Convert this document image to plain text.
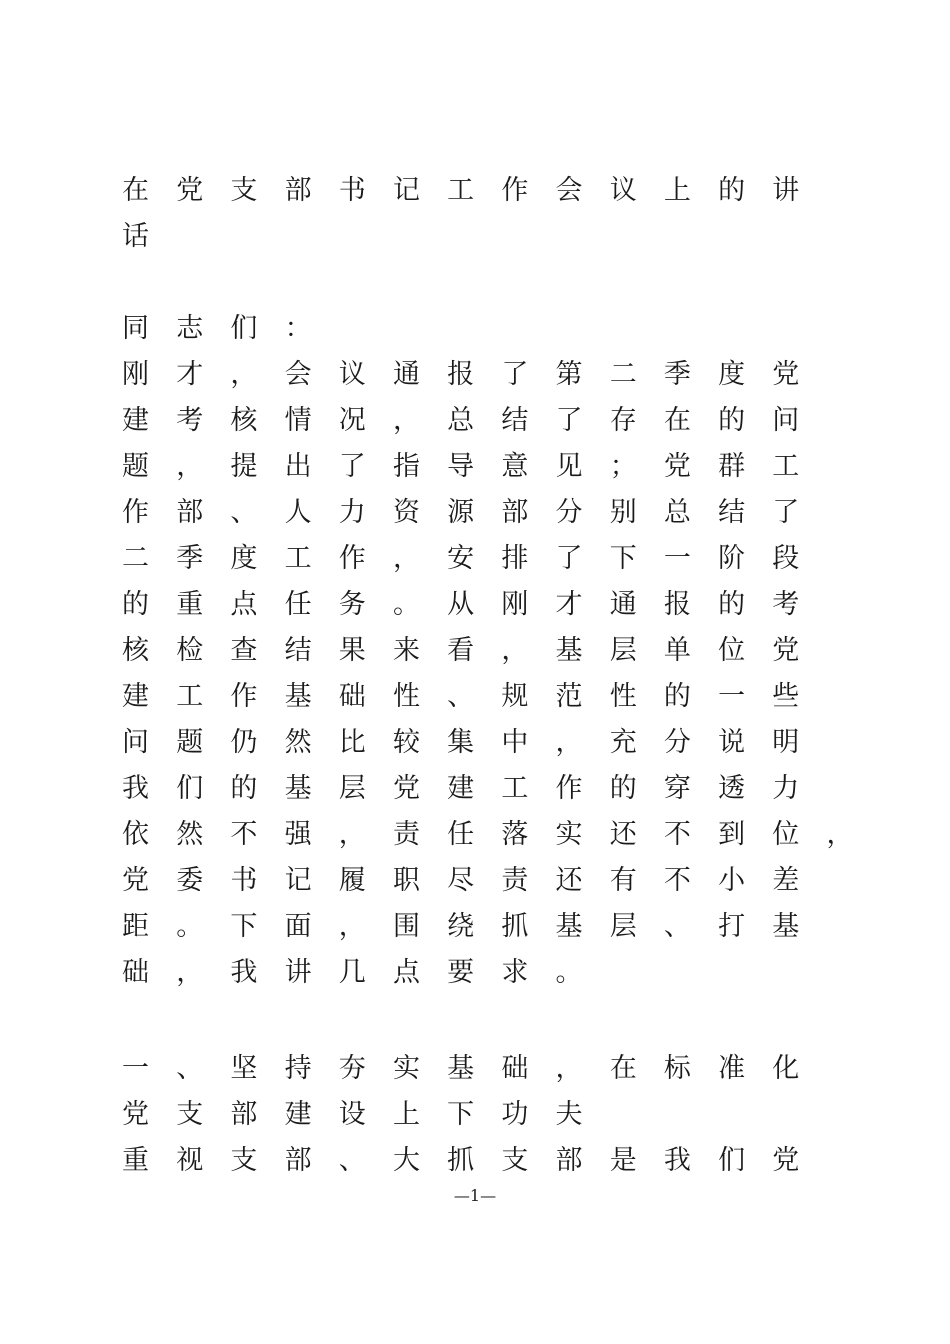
在 党 支 部 书 记 工 作 会 议 上 的 讲
话
同 志 们 ：
刚 才 ， 会 议 通 报 了 第 二 季 度 党
建 考 核 情 况 ， 总 结 了 存 在 的 问
题 ， 提 出 了 指 导 意 见 ； 党 群 工
作 部 、 人 力 资 源 部 分 别 总 结 了
二 季 度 工 作 ， 安 排 了 下 一 阶 段
的 重 点 任 务 。 从 刚 才 通 报 的 考
核 检 查 结 果 来 看 ， 基 层 单 位 党
建 工 作 基 础 性 、 规 范 性 的 一 些
问 题 仍 然 比 较 集 中 ， 充 分 说 明
我 们 的 基 层 党 建 工 作 的 穿 透 力
依 然 不 强 ， 责 任 落 实 还 不 到 位 ，
党 委 书 记 履 职 尽 责 还 有 不 小 差
距 。 下 面 ， 围 绕 抓 基 层 、 打 基
础 ， 我 讲 几 点 要 求 。
一 、 坚 持 夯 实 基 础 ， 在 标 准 化
党 支 部 建 设 上 下 功 夫
重 视 支 部 、 大 抓 支 部 是 我 们 党
—1—
